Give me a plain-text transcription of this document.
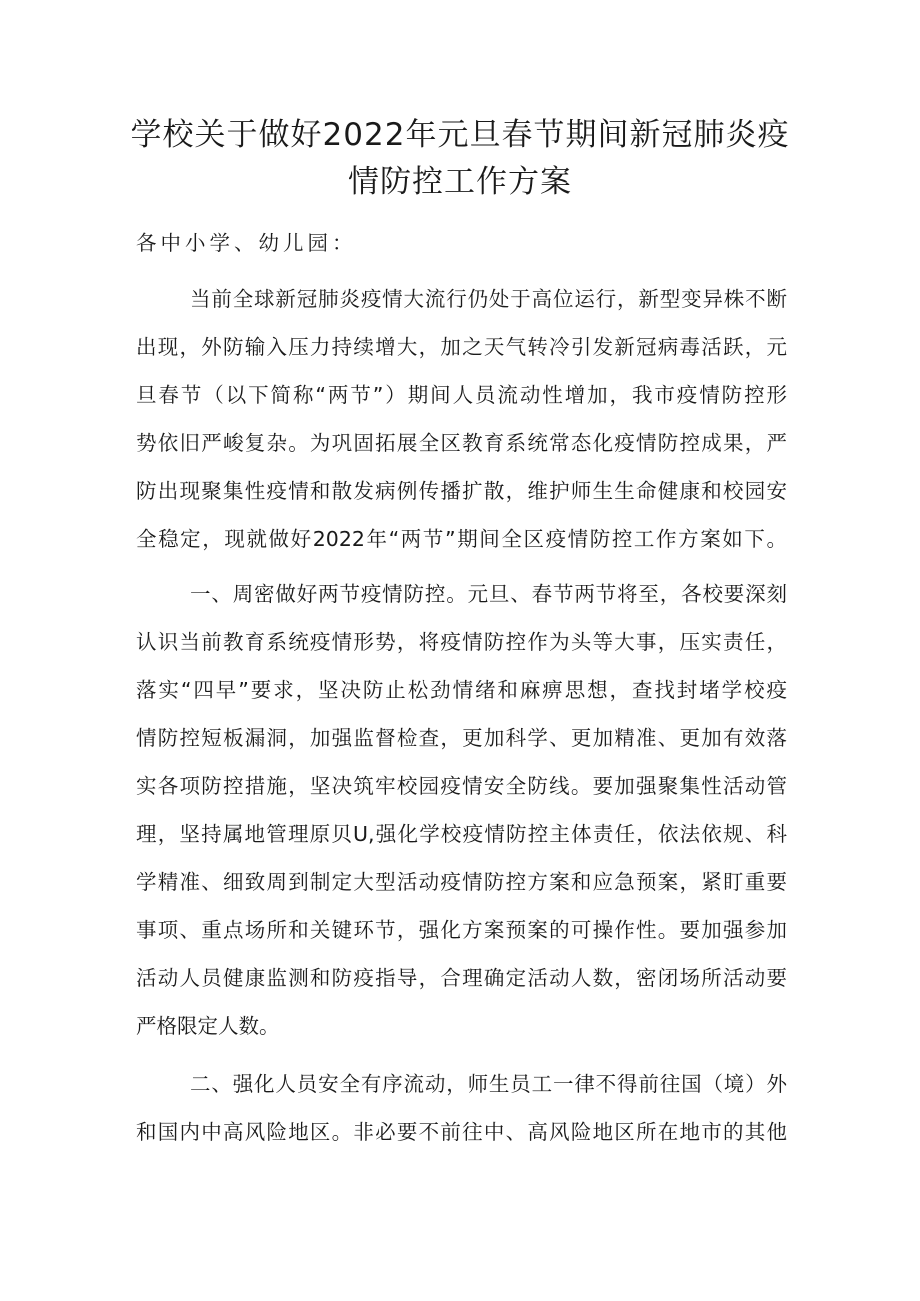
学校关于做好2022年元旦春节期间新冠肺炎疫
情防控工作方案
各中小学、幼儿园：
当前全球新冠肺炎疫情大流行仍处于高位运行，新型变异株不断
出现，外防输入压力持续增大，加之天气转冷引发新冠病毒活跃，元
旦春节（以下简称“两节”）期间人员流动性增加，我市疫情防控形
势依旧严峻复杂。为巩固拓展全区教育系统常态化疫情防控成果，严
防出现聚集性疫情和散发病例传播扩散，维护师生生命健康和校园安
全稳定，现就做好2022年“两节”期间全区疫情防控工作方案如下。
一、周密做好两节疫情防控。元旦、春节两节将至，各校要深刻
认识当前教育系统疫情形势，将疫情防控作为头等大事，压实责任，
落实“四早”要求，坚决防止松劲情绪和麻痹思想，查找封堵学校疫
情防控短板漏洞，加强监督检查，更加科学、更加精准、更加有效落
实各项防控措施，坚决筑牢校园疫情安全防线。要加强聚集性活动管
理，坚持属地管理原贝U,强化学校疫情防控主体责任，依法依规、科
学精准、细致周到制定大型活动疫情防控方案和应急预案，紧盯重要
事项、重点场所和关键环节，强化方案预案的可操作性。要加强参加
活动人员健康监测和防疫指导，合理确定活动人数，密闭场所活动要
严格限定人数。
二、强化人员安全有序流动，师生员工一律不得前往国（境）外
和国内中高风险地区。非必要不前往中、高风险地区所在地市的其他
